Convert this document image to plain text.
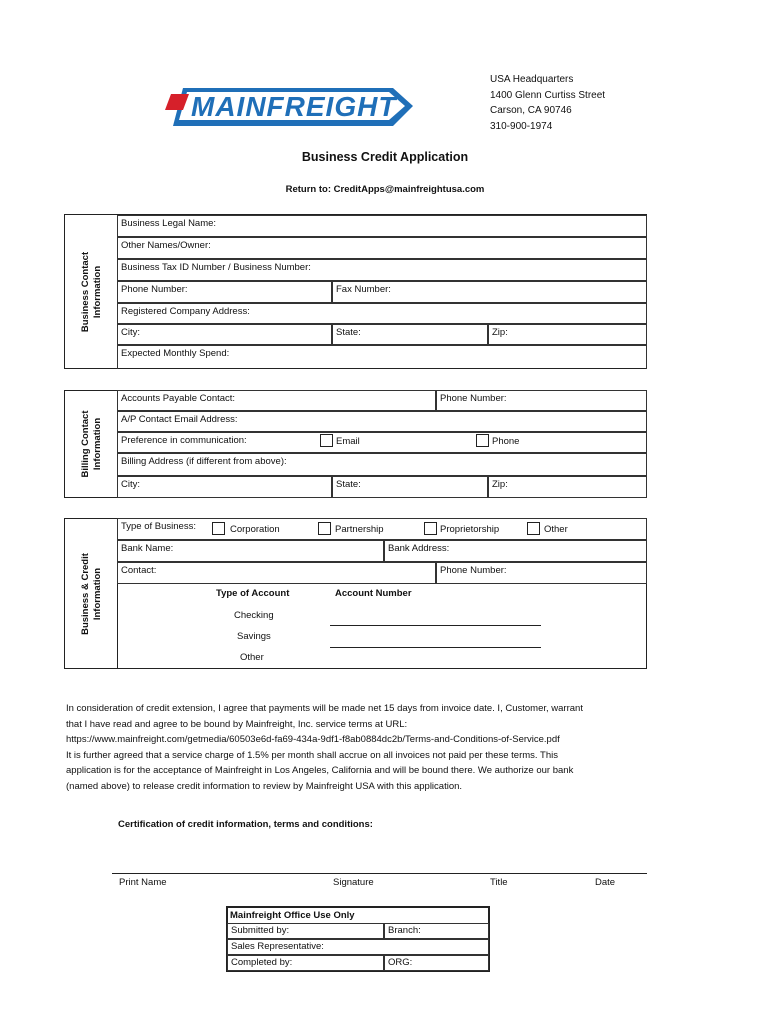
MAINFREIGHT
USA Headquarters
1400 Glenn Curtiss Street
Carson, CA 90746
310-900-1974
Business Credit Application
Return to: CreditApps@mainfreightusa.com
Business Contact Information
Business Legal Name:
Other Names/Owner:
Business Tax ID Number / Business Number:
Phone Number:	Fax Number:
Registered Company Address:
City:	State:	Zip:
Expected Monthly Spend:
Billing Contact Information
Accounts Payable Contact:	Phone Number:
A/P Contact Email Address:
Preference in communication:	Email	Phone
Billing Address (if different from above):
City:	State:	Zip:
Business & Credit Information
Type of Business:	Corporation	Partnership	Proprietorship	Other
Bank Name:	Bank Address:
Contact:	Phone Number:
Type of Account	Account Number
Checking
Savings
Other

In consideration of credit extension, I agree that payments will be made net 15 days from invoice date. I, Customer, warrant

that I have read and agree to be bound by Mainfreight, Inc. service terms at URL:

https://www.mainfreight.com/getmedia/60503e6d-fa69-434a-9df1-f8ab0884dc2b/Terms-and-Conditions-of-Service.pdf

It is further agreed that a service charge of 1.5% per month shall accrue on all invoices not paid per these terms. This

application is for the acceptance of Mainfreight in Los Angeles, California and will be bound there. We authorize our bank

(named above) to release credit information to review by Mainfreight USA with this application.

Certification of credit information, terms and conditions:
Print Name	Signature	Title	Date
Mainfreight Office Use Only
Submitted by:	Branch:
Sales Representative:
Completed by:	ORG:
